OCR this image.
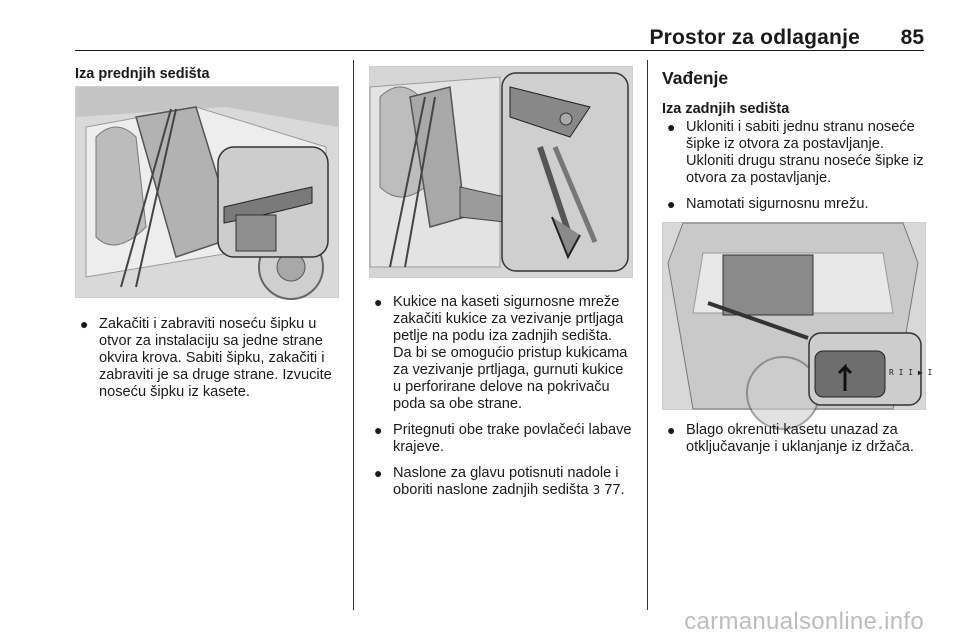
Prostor za odlaganje 85
Iza prednjih sedišta
● Zakačiti i zabraviti nosеću šipku u otvor za instalaciju sa jedne strane okvira krova. Sabiti šipku, zakačiti i zabraviti je sa druge strane. Izvucite noseću šipku iz kasete.
● Kukice na kaseti sigurnosne mreže zakačiti kukice za vezivanje prtljaga petlje na podu iza zadnjih sedišta. Da bi se omogućio pristup kukicama za vezivanje prtljaga, gurnuti kukice u perforirane delove na pokrivaču poda sa obe strane.
● Pritegnuti obe trake povlačeći labave krajeve.
● Naslone za glavu potisnuti nadole i oboriti naslone zadnjih sedišta 3 77.
Vađenje
Iza zadnjih sedišta
● Ukloniti i sabiti jednu stranu noseće šipke iz otvora za postavljanje. Ukloniti drugu stranu noseće šipke iz otvora za postavljanje.
● Namotati sigurnosnu mrežu.
R I I ▶ I
● Blago okrenuti kasetu unazad za otključavanje i uklanjanje iz držača.
carmanualsonline.info
